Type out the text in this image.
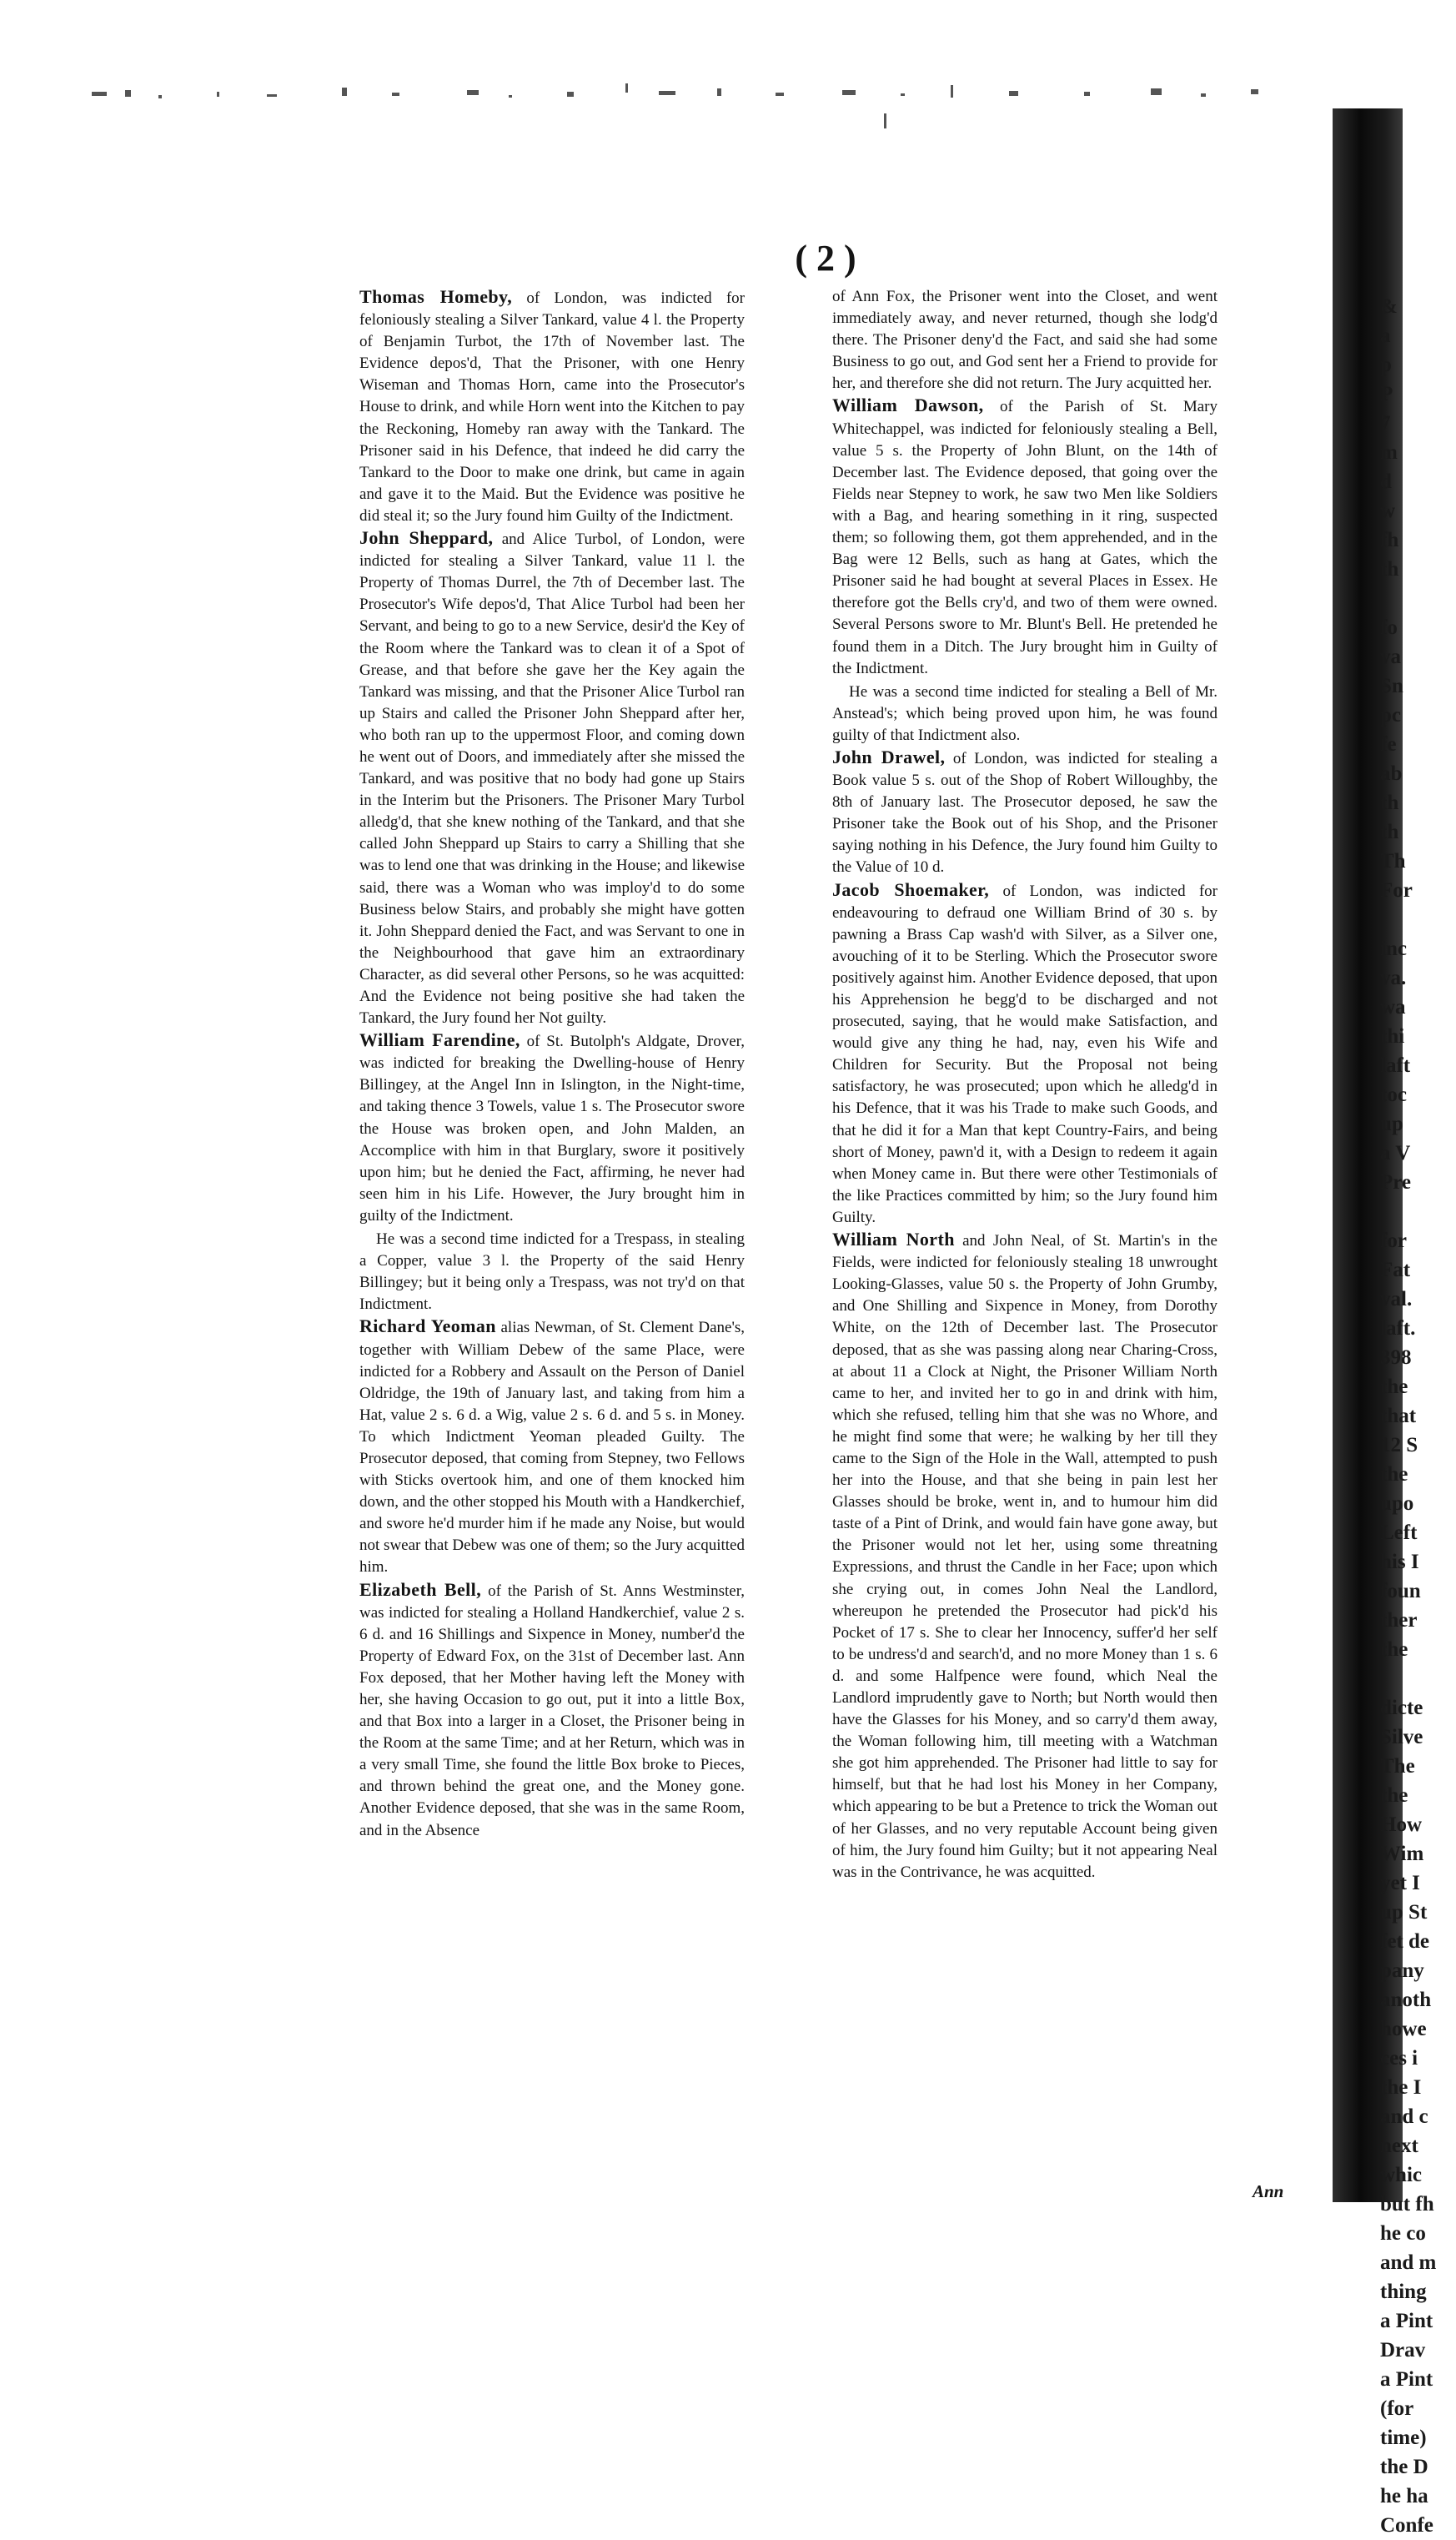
&
a
p
P
7
m
d
w
fh
th

fo
va
Sn
pc
fe
ab
th
th
Th
For

inc
va.
wa
thi
laft
toc
up
a V
Pre

for
Fat
val.
laft.
398
the
that
12 S
the
upo
Left
his I
foun
ther
the

dicte
Silve
The
the
How
Wim
yet I
up St
fet de
pany
anoth
howe
ces i
the I
and c
next
whic
but fh
he co
and m
thing
a Pint
Drav
a Pint
(for
time)
the D
he ha
Confe
( 2 )

Thomas Homeby, of London, was indicted for feloniously stealing a Silver Tankard, value 4 l. the Property of Benjamin Turbot, the 17th of November last. The Evidence depos'd, That the Prisoner, with one Henry Wiseman and Thomas Horn, came into the Prosecutor's House to drink, and while Horn went into the Kitchen to pay the Reckoning, Homeby ran away with the Tankard. The Prisoner said in his Defence, that indeed he did carry the Tankard to the Door to make one drink, but came in again and gave it to the Maid. But the Evidence was positive he did steal it; so the Jury found him Guilty of the Indictment.

John Sheppard, and Alice Turbol, of London, were indicted for stealing a Silver Tankard, value 11 l. the Property of Thomas Durrel, the 7th of December last. The Prosecutor's Wife depos'd, That Alice Turbol had been her Servant, and being to go to a new Service, desir'd the Key of the Room where the Tankard was to clean it of a Spot of Grease, and that before she gave her the Key again the Tankard was missing, and that the Prisoner Alice Turbol ran up Stairs and called the Prisoner John Sheppard after her, who both ran up to the uppermost Floor, and coming down he went out of Doors, and immediately after she missed the Tankard, and was positive that no body had gone up Stairs in the Interim but the Prisoners. The Prisoner Mary Turbol alledg'd, that she knew nothing of the Tankard, and that she called John Sheppard up Stairs to carry a Shilling that she was to lend one that was drinking in the House; and likewise said, there was a Woman who was imploy'd to do some Business below Stairs, and probably she might have gotten it. John Sheppard denied the Fact, and was Servant to one in the Neighbourhood that gave him an extraordinary Character, as did several other Persons, so he was acquitted: And the Evidence not being positive she had taken the Tankard, the Jury found her Not guilty.

William Farendine, of St. Butolph's Aldgate, Drover, was indicted for breaking the Dwelling-house of Henry Billingey, at the Angel Inn in Islington, in the Night-time, and taking thence 3 Towels, value 1 s. The Prosecutor swore the House was broken open, and John Malden, an Accomplice with him in that Burglary, swore it positively upon him; but he denied the Fact, affirming, he never had seen him in his Life. However, the Jury brought him in guilty of the Indictment.

He was a second time indicted for a Trespass, in stealing a Copper, value 3 l. the Property of the said Henry Billingey; but it being only a Trespass, was not try'd on that Indictment.

Richard Yeoman alias Newman, of St. Clement Dane's, together with William Debew of the same Place, were indicted for a Robbery and Assault on the Person of Daniel Oldridge, the 19th of January last, and taking from him a Hat, value 2 s. 6 d. a Wig, value 2 s. 6 d. and 5 s. in Money. To which Indictment Yeoman pleaded Guilty. The Prosecutor deposed, that coming from Stepney, two Fellows with Sticks overtook him, and one of them knocked him down, and the other stopped his Mouth with a Handkerchief, and swore he'd murder him if he made any Noise, but would not swear that Debew was one of them; so the Jury acquitted him.

Elizabeth Bell, of the Parish of St. Anns Westminster, was indicted for stealing a Holland Handkerchief, value 2 s. 6 d. and 16 Shillings and Sixpence in Money, number'd the Property of Edward Fox, on the 31st of December last. Ann Fox deposed, that her Mother having left the Money with her, she having Occasion to go out, put it into a little Box, and that Box into a larger in a Closet, the Prisoner being in the Room at the same Time; and at her Return, which was in a very small Time, she found the little Box broke to Pieces, and thrown behind the great one, and the Money gone. Another Evidence deposed, that she was in the same Room, and in the Absence

of Ann Fox, the Prisoner went into the Closet, and went immediately away, and never returned, though she lodg'd there. The Prisoner deny'd the Fact, and said she had some Business to go out, and God sent her a Friend to provide for her, and therefore she did not return. The Jury acquitted her.

William Dawson, of the Parish of St. Mary Whitechappel, was indicted for feloniously stealing a Bell, value 5 s. the Property of John Blunt, on the 14th of December last. The Evidence deposed, that going over the Fields near Stepney to work, he saw two Men like Soldiers with a Bag, and hearing something in it ring, suspected them; so following them, got them apprehended, and in the Bag were 12 Bells, such as hang at Gates, which the Prisoner said he had bought at several Places in Essex. He therefore got the Bells cry'd, and two of them were owned. Several Persons swore to Mr. Blunt's Bell. He pretended he found them in a Ditch. The Jury brought him in Guilty of the Indictment.

He was a second time indicted for stealing a Bell of Mr. Anstead's; which being proved upon him, he was found guilty of that Indictment also.

John Drawel, of London, was indicted for stealing a Book value 5 s. out of the Shop of Robert Willoughby, the 8th of January last. The Prosecutor deposed, he saw the Prisoner take the Book out of his Shop, and the Prisoner saying nothing in his Defence, the Jury found him Guilty to the Value of 10 d.

Jacob Shoemaker, of London, was indicted for endeavouring to defraud one William Brind of 30 s. by pawning a Brass Cap wash'd with Silver, as a Silver one, avouching of it to be Sterling. Which the Prosecutor swore positively against him. Another Evidence deposed, that upon his Apprehension he begg'd to be discharged and not prosecuted, saying, that he would make Satisfaction, and would give any thing he had, nay, even his Wife and Children for Security. But the Proposal not being satisfactory, he was prosecuted; upon which he alledg'd in his Defence, that it was his Trade to make such Goods, and that he did it for a Man that kept Country-Fairs, and being short of Money, pawn'd it, with a Design to redeem it again when Money came in. But there were other Testimonials of the like Practices committed by him; so the Jury found him Guilty.

William North and John Neal, of St. Martin's in the Fields, were indicted for feloniously stealing 18 unwrought Looking-Glasses, value 50 s. the Property of John Grumby, and One Shilling and Sixpence in Money, from Dorothy White, on the 12th of December last. The Prosecutor deposed, that as she was passing along near Charing-Cross, at about 11 a Clock at Night, the Prisoner William North came to her, and invited her to go in and drink with him, which she refused, telling him that she was no Whore, and he might find some that were; he walking by her till they came to the Sign of the Hole in the Wall, attempted to push her into the House, and that she being in pain lest her Glasses should be broke, went in, and to humour him did taste of a Pint of Drink, and would fain have gone away, but the Prisoner would not let her, using some threatning Expressions, and thrust the Candle in her Face; upon which she crying out, in comes John Neal the Landlord, whereupon he pretended the Prosecutor had pick'd his Pocket of 17 s. She to clear her Innocency, suffer'd her self to be undress'd and search'd, and no more Money than 1 s. 6 d. and some Halfpence were found, which Neal the Landlord imprudently gave to North; but North would then have the Glasses for his Money, and so carry'd them away, the Woman following him, till meeting with a Watchman she got him apprehended. The Prisoner had little to say for himself, but that he had lost his Money in her Company, which appearing to be but a Pretence to trick the Woman out of her Glasses, and no very reputable Account being given of him, the Jury found him Guilty; but it not appearing Neal was in the Contrivance, he was acquitted.

Ann
